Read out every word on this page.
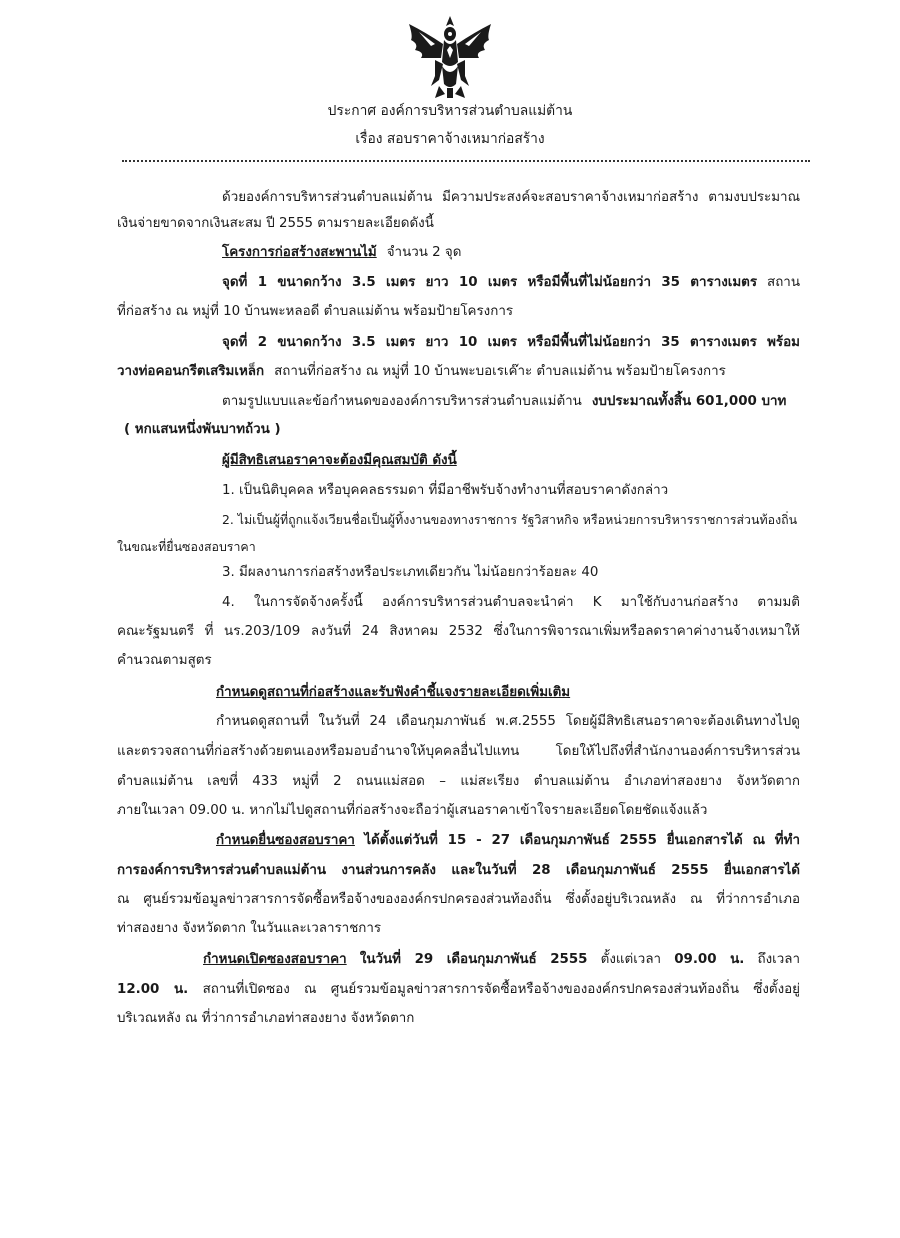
ประกาศ องค์การบริหารส่วนตำบลแม่ต้าน
เรื่อง สอบราคาจ้างเหมาก่อสร้าง
ด้วยองค์การบริหารส่วนตำบลแม่ต้าน มีความประสงค์จะสอบราคาจ้างเหมาก่อสร้าง ตามงบประมาณ
เงินจ่ายขาดจากเงินสะสม ปี 2555 ตามรายละเอียดดังนี้
โครงการก่อสร้างสะพานไม้ จำนวน 2 จุด
จุดที่ 1 ขนาดกว้าง 3.5 เมตร ยาว 10 เมตร หรือมีพื้นที่ไม่น้อยกว่า 35 ตารางเมตร สถาน
ที่ก่อสร้าง ณ หมู่ที่ 10 บ้านพะหลอดี ตำบลแม่ต้าน พร้อมป้ายโครงการ
จุดที่ 2 ขนาดกว้าง 3.5 เมตร ยาว 10 เมตร หรือมีพื้นที่ไม่น้อยกว่า 35 ตารางเมตร พร้อม
วางท่อคอนกรีตเสริมเหล็ก สถานที่ก่อสร้าง ณ หมู่ที่ 10 บ้านพะบอเรเค๊าะ ตำบลแม่ต้าน พร้อมป้ายโครงการ
ตามรูปแบบและข้อกำหนดขององค์การบริหารส่วนตำบลแม่ต้าน งบประมาณทั้งสิ้น 601,000 บาท
( หกแสนหนึ่งพันบาทถ้วน )
ผู้มีสิทธิเสนอราคาจะต้องมีคุณสมบัติ ดังนี้
1. เป็นนิติบุคคล หรือบุคคลธรรมดา ที่มีอาชีพรับจ้างทำงานที่สอบราคาดังกล่าว
2. ไม่เป็นผู้ที่ถูกแจ้งเวียนชื่อเป็นผู้ทิ้งงานของทางราชการ รัฐวิสาหกิจ หรือหน่วยการบริหารราชการส่วนท้องถิ่น
ในขณะที่ยื่นซองสอบราคา
3. มีผลงานการก่อสร้างหรือประเภทเดียวกัน ไม่น้อยกว่าร้อยละ 40
4. ในการจัดจ้างครั้งนี้ องค์การบริหารส่วนตำบลจะนำค่า K มาใช้กับงานก่อสร้าง ตามมติ
คณะรัฐมนตรี ที่ นร.203/109 ลงวันที่ 24 สิงหาคม 2532 ซึ่งในการพิจารณาเพิ่มหรือลดราคาค่างานจ้างเหมาให้
คำนวณตามสูตร
กำหนดดูสถานที่ก่อสร้างและรับฟังคำชี้แจงรายละเอียดเพิ่มเติม
กำหนดดูสถานที่ ในวันที่ 24 เดือนกุมภาพันธ์ พ.ศ.2555 โดยผู้มีสิทธิเสนอราคาจะต้องเดินทางไปดู
และตรวจสถานที่ก่อสร้างด้วยตนเองหรือมอบอำนาจให้บุคคลอื่นไปแทน โดยให้ไปถึงที่สำนักงานองค์การบริหารส่วน
ตำบลแม่ต้าน เลขที่ 433 หมู่ที่ 2 ถนนแม่สอด – แม่สะเรียง ตำบลแม่ต้าน อำเภอท่าสองยาง จังหวัดตาก
ภายในเวลา 09.00 น. หากไม่ไปดูสถานที่ก่อสร้างจะถือว่าผู้เสนอราคาเข้าใจรายละเอียดโดยชัดแจ้งแล้ว
กำหนดยื่นซองสอบราคา ได้ตั้งแต่วันที่ 15 - 27 เดือนกุมภาพันธ์ 2555 ยื่นเอกสารได้ ณ ที่ทำ
การองค์การบริหารส่วนตำบลแม่ต้าน งานส่วนการคลัง และในวันที่ 28 เดือนกุมภาพันธ์ 2555 ยื่นเอกสารได้
ณ ศูนย์รวมข้อมูลข่าวสารการจัดซื้อหรือจ้างขององค์กรปกครองส่วนท้องถิ่น ซึ่งตั้งอยู่บริเวณหลัง ณ ที่ว่าการอำเภอ
ท่าสองยาง จังหวัดตาก ในวันและเวลาราชการ
กำหนดเปิดซองสอบราคา ในวันที่ 29 เดือนกุมภาพันธ์ 2555 ตั้งแต่เวลา 09.00 น. ถึงเวลา
12.00 น. สถานที่เปิดซอง ณ ศูนย์รวมข้อมูลข่าวสารการจัดซื้อหรือจ้างขององค์กรปกครองส่วนท้องถิ่น ซึ่งตั้งอยู่
บริเวณหลัง ณ ที่ว่าการอำเภอท่าสองยาง จังหวัดตาก
